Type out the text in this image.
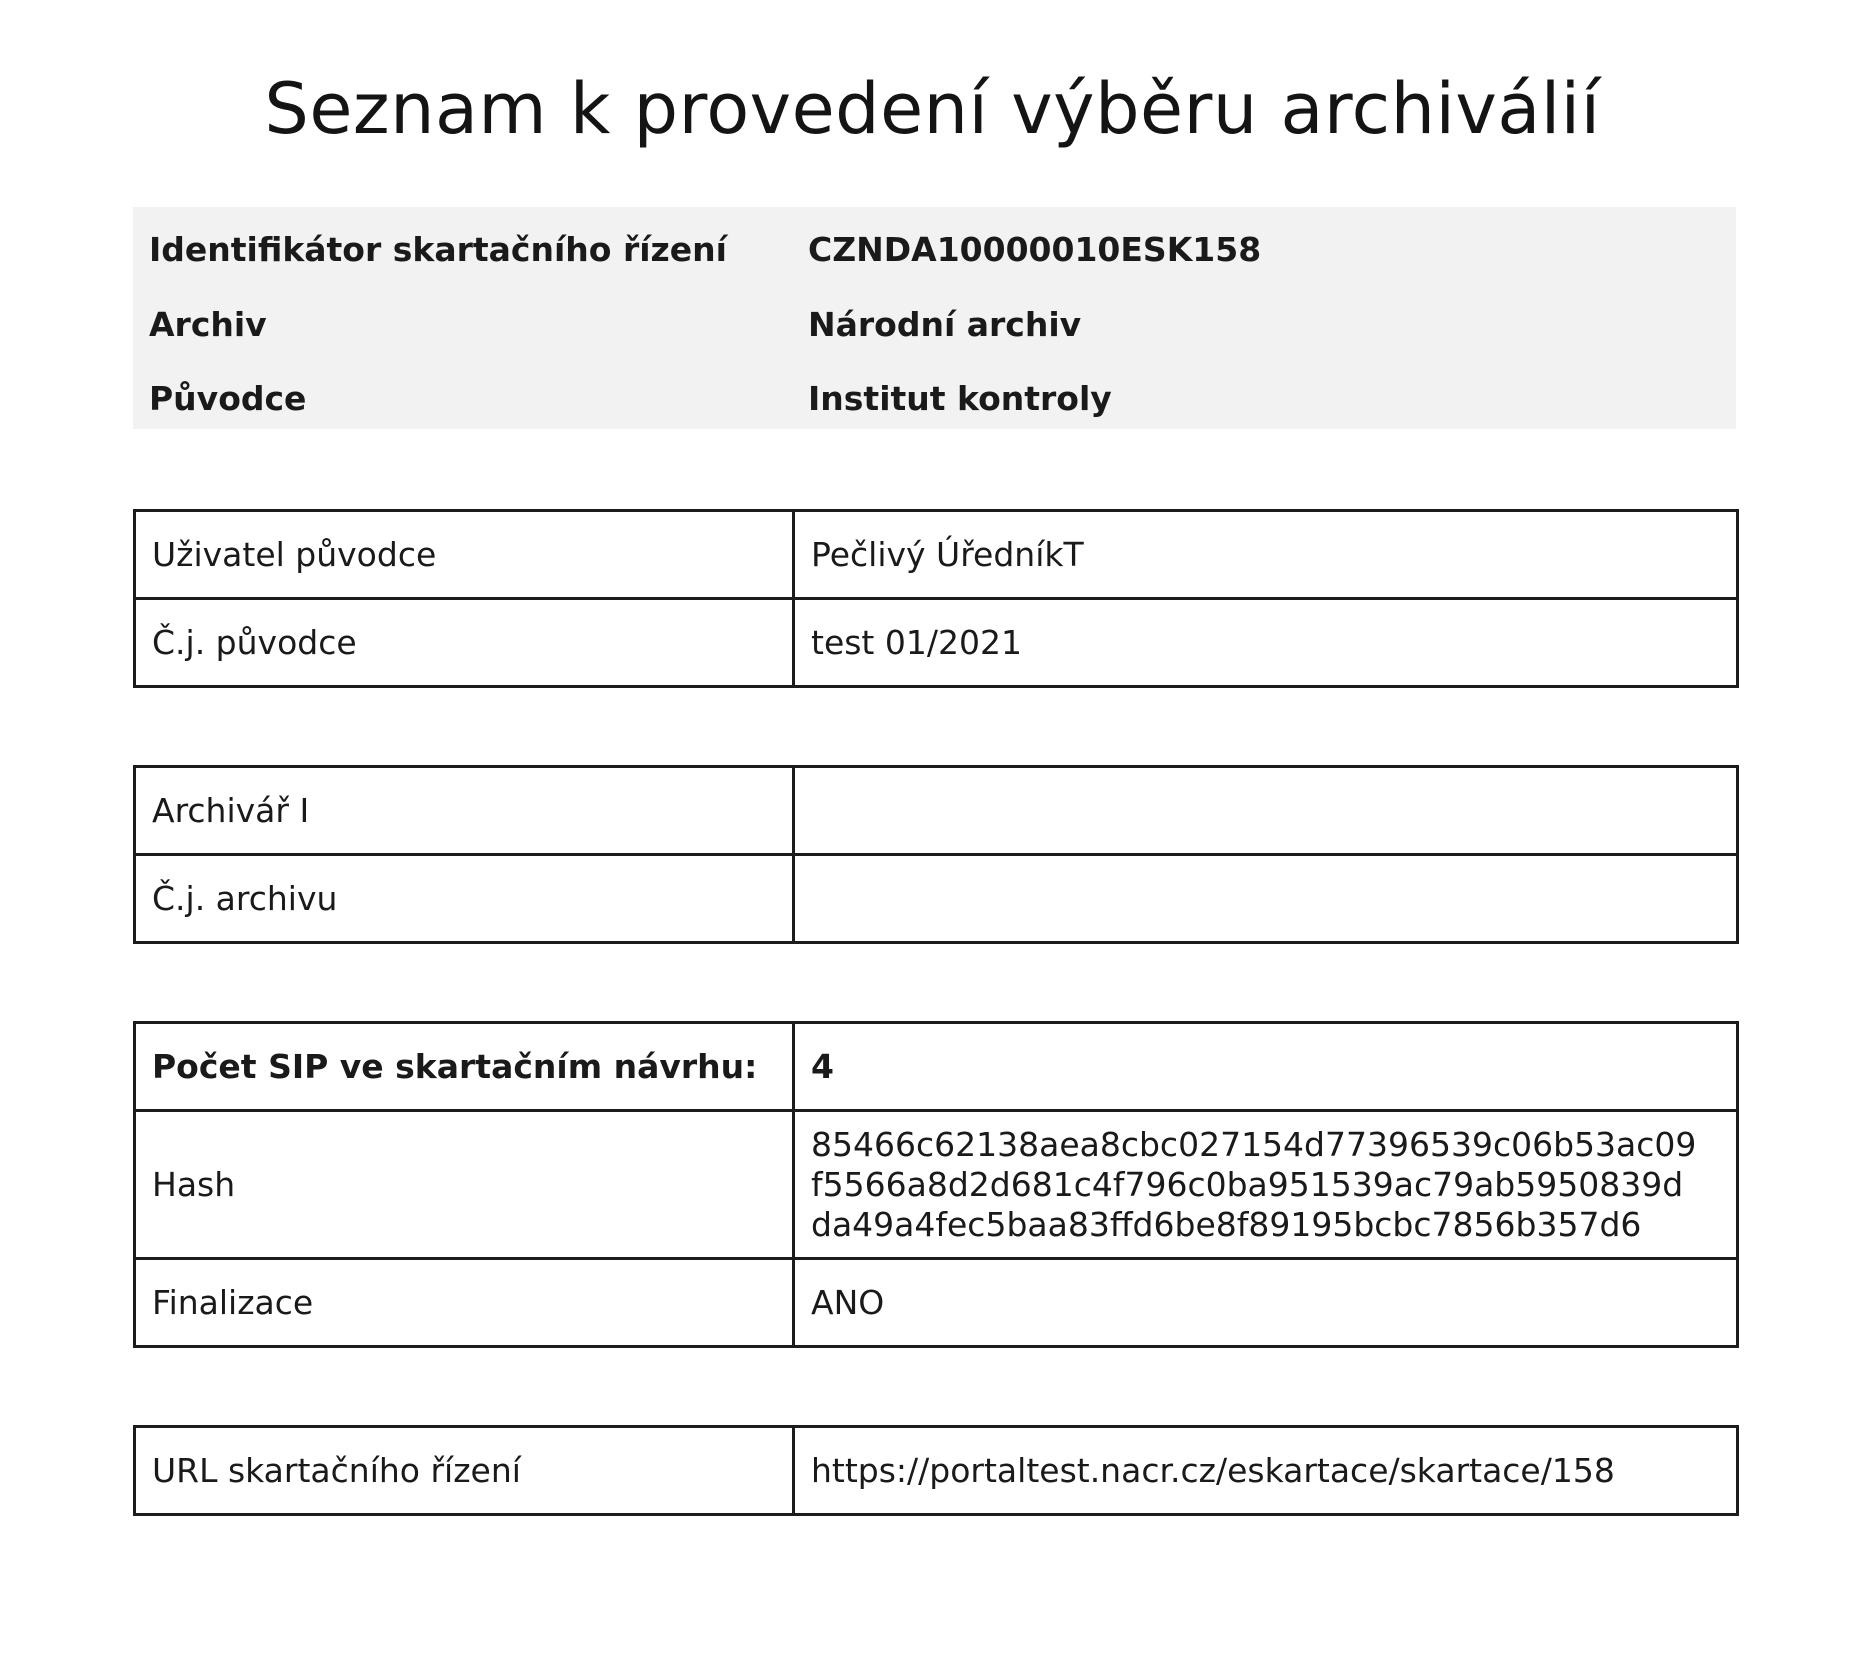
Seznam k provedení výběru archiválií
Identifikátor skartačního řízení CZNDA10000010ESK158
Archiv	Národní archiv
Původce	Institut kontroly
Uživatel původce	Pečlivý ÚředníkT
Č.j. původce	test 01/2021
Archivář I	
Č.j. archivu	
Počet SIP ve skartačním návrhu:	4
Hash	85466c62138aea8cbc027154d77396539c06b53ac09
f5566a8d2d681c4f796c0ba951539ac79ab5950839d
da49a4fec5baa83ffd6be8f89195bcbc7856b357d6

Finalizace	ANO
URL skartačního řízení	https://portaltest.nacr.cz/eskartace/skartace/158
